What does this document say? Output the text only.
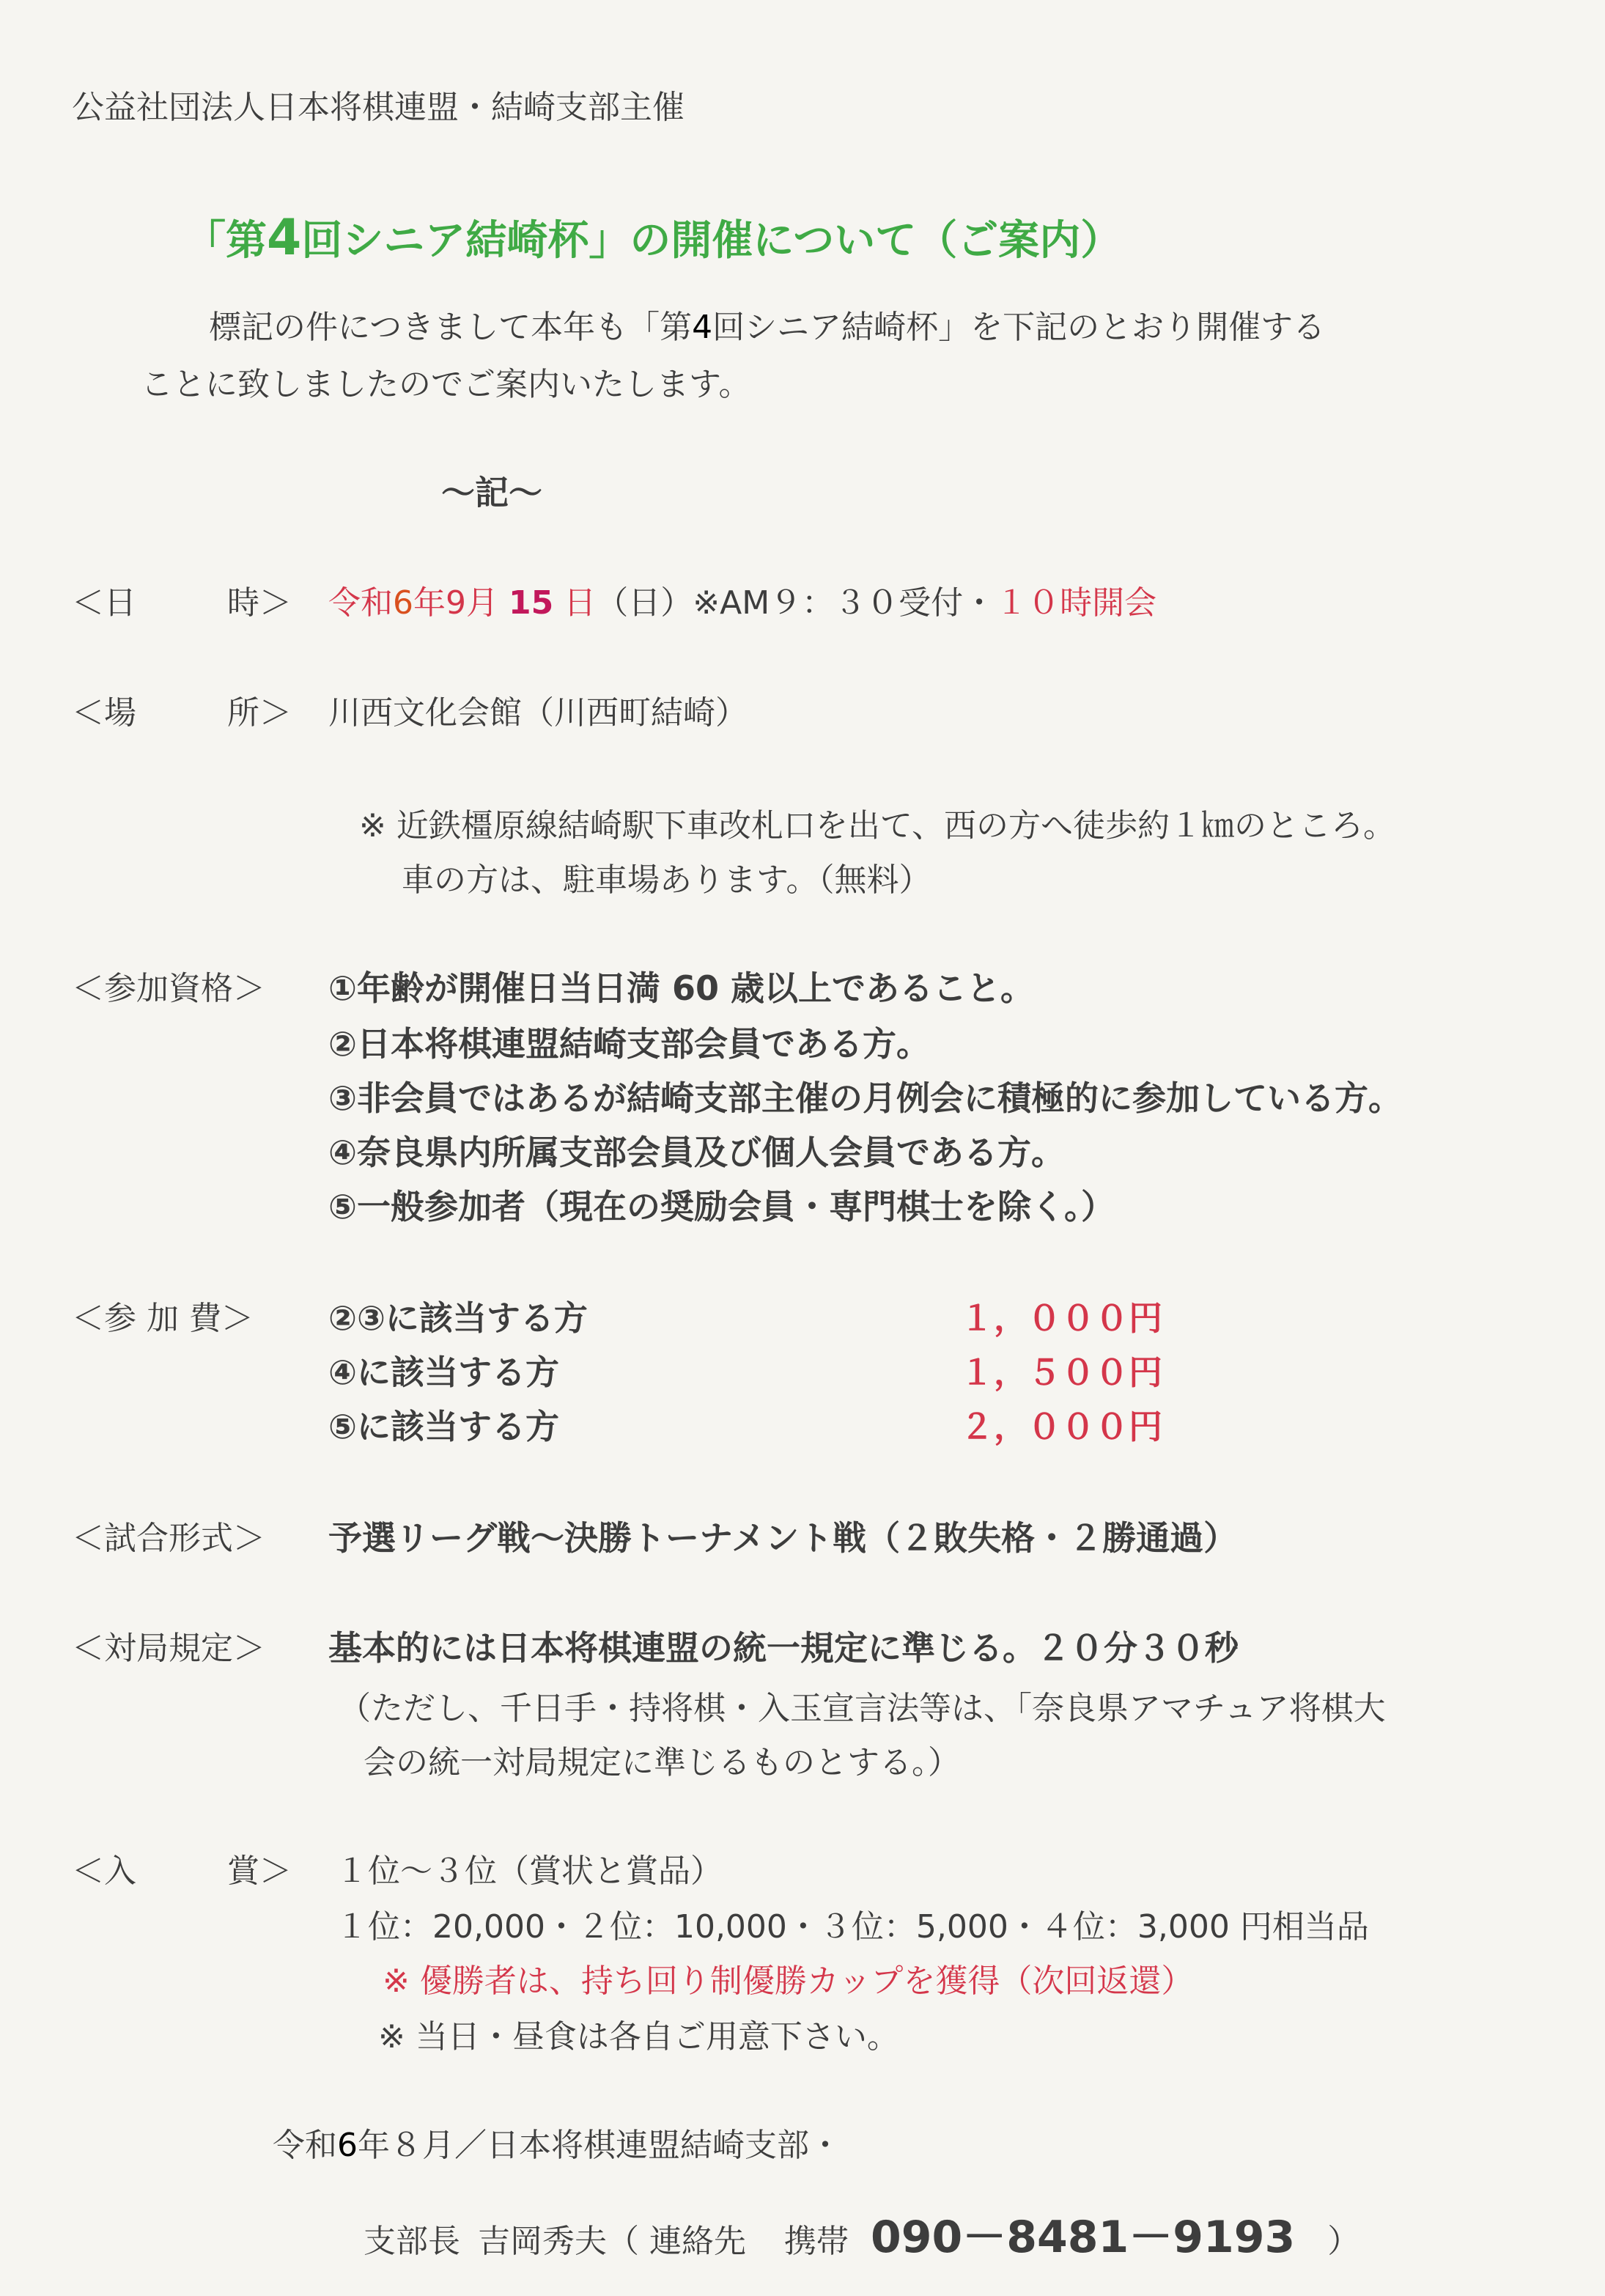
公益社団法人日本将棋連盟・結崎支部主催
「第4回シニア結崎杯」の開催について（ご案内）
標記の件につきまして本年も「第4回シニア結崎杯」を下記のとおり開催する
ことに致しましたのでご案内いたします。
～記～
＜日	時＞ 令和6年9月 15 日（日）※AM９：３０受付・１０時開会
＜場	所＞ 川西文化会館（川西町結崎）
※ 近鉄橿原線結崎駅下車改札口を出て、西の方へ徒歩約１㎞のところ。
車の方は、駐車場あります。（無料）
＜参加資格＞ ①年齢が開催日当日満 60 歳以上であること。
②日本将棋連盟結崎支部会員である方。
③非会員ではあるが結崎支部主催の月例会に積極的に参加している方。
④奈良県内所属支部会員及び個人会員である方。
⑤一般参加者（現在の奨励会員・専門棋士を除く。）
＜参 加 費＞ ②③に該当する方	１，０００円
④に該当する方	１，５００円
⑤に該当する方	２，０００円
＜試合形式＞ 予選リーグ戦～決勝トーナメント戦（２敗失格・２勝通過）
＜対局規定＞ 基本的には日本将棋連盟の統一規定に準じる。２０分３０秒
（ただし、千日手・持将棋・入玉宣言法等は、「奈良県アマチュア将棋大
会の統一対局規定に準じるものとする。）
＜入	賞＞ １位～３位（賞状と賞品）
１位：20,000・２位：10,000・３位：5,000・４位：3,000 円相当品
※ 優勝者は、持ち回り制優勝カップを獲得（次回返還）
※ 当日・昼食は各自ご用意下さい。
令和6年８月／日本将棋連盟結崎支部・
支部長 吉岡秀夫（ 連絡先 携帯 090－8481－9193 ）
